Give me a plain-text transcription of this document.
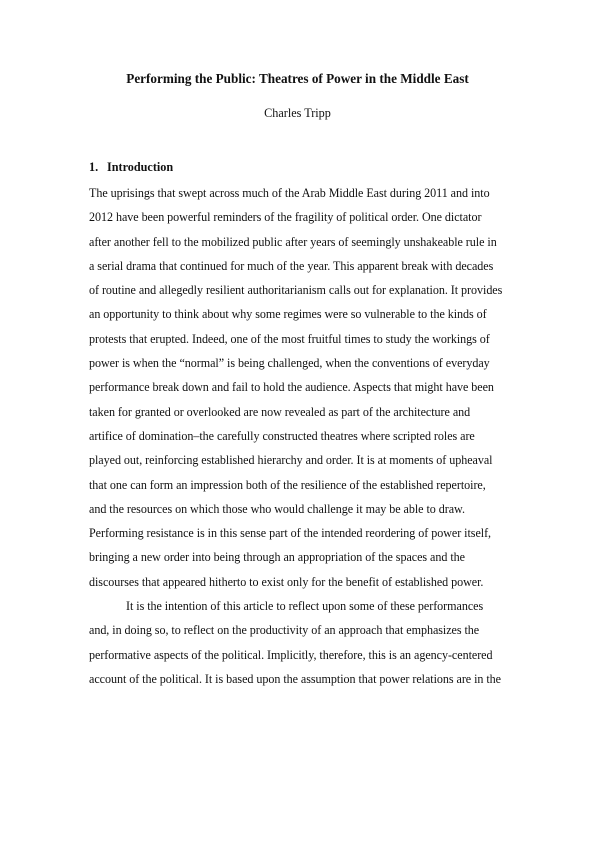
Performing the Public: Theatres of Power in the Middle East
Charles Tripp
1. Introduction
The uprisings that swept across much of the Arab Middle East during 2011 and into
2012 have been powerful reminders of the fragility of political order. One dictator
after another fell to the mobilized public after years of seemingly unshakeable rule in
a serial drama that continued for much of the year. This apparent break with decades
of routine and allegedly resilient authoritarianism calls out for explanation. It provides
an opportunity to think about why some regimes were so vulnerable to the kinds of
protests that erupted. Indeed, one of the most fruitful times to study the workings of
power is when the “normal” is being challenged, when the conventions of everyday
performance break down and fail to hold the audience. Aspects that might have been
taken for granted or overlooked are now revealed as part of the architecture and
artifice of domination–the carefully constructed theatres where scripted roles are
played out, reinforcing established hierarchy and order. It is at moments of upheaval
that one can form an impression both of the resilience of the established repertoire,
and the resources on which those who would challenge it may be able to draw.
Performing resistance is in this sense part of the intended reordering of power itself,
bringing a new order into being through an appropriation of the spaces and the
discourses that appeared hitherto to exist only for the benefit of established power.
It is the intention of this article to reflect upon some of these performances
and, in doing so, to reflect on the productivity of an approach that emphasizes the
performative aspects of the political. Implicitly, therefore, this is an agency-centered
account of the political. It is based upon the assumption that power relations are in the
